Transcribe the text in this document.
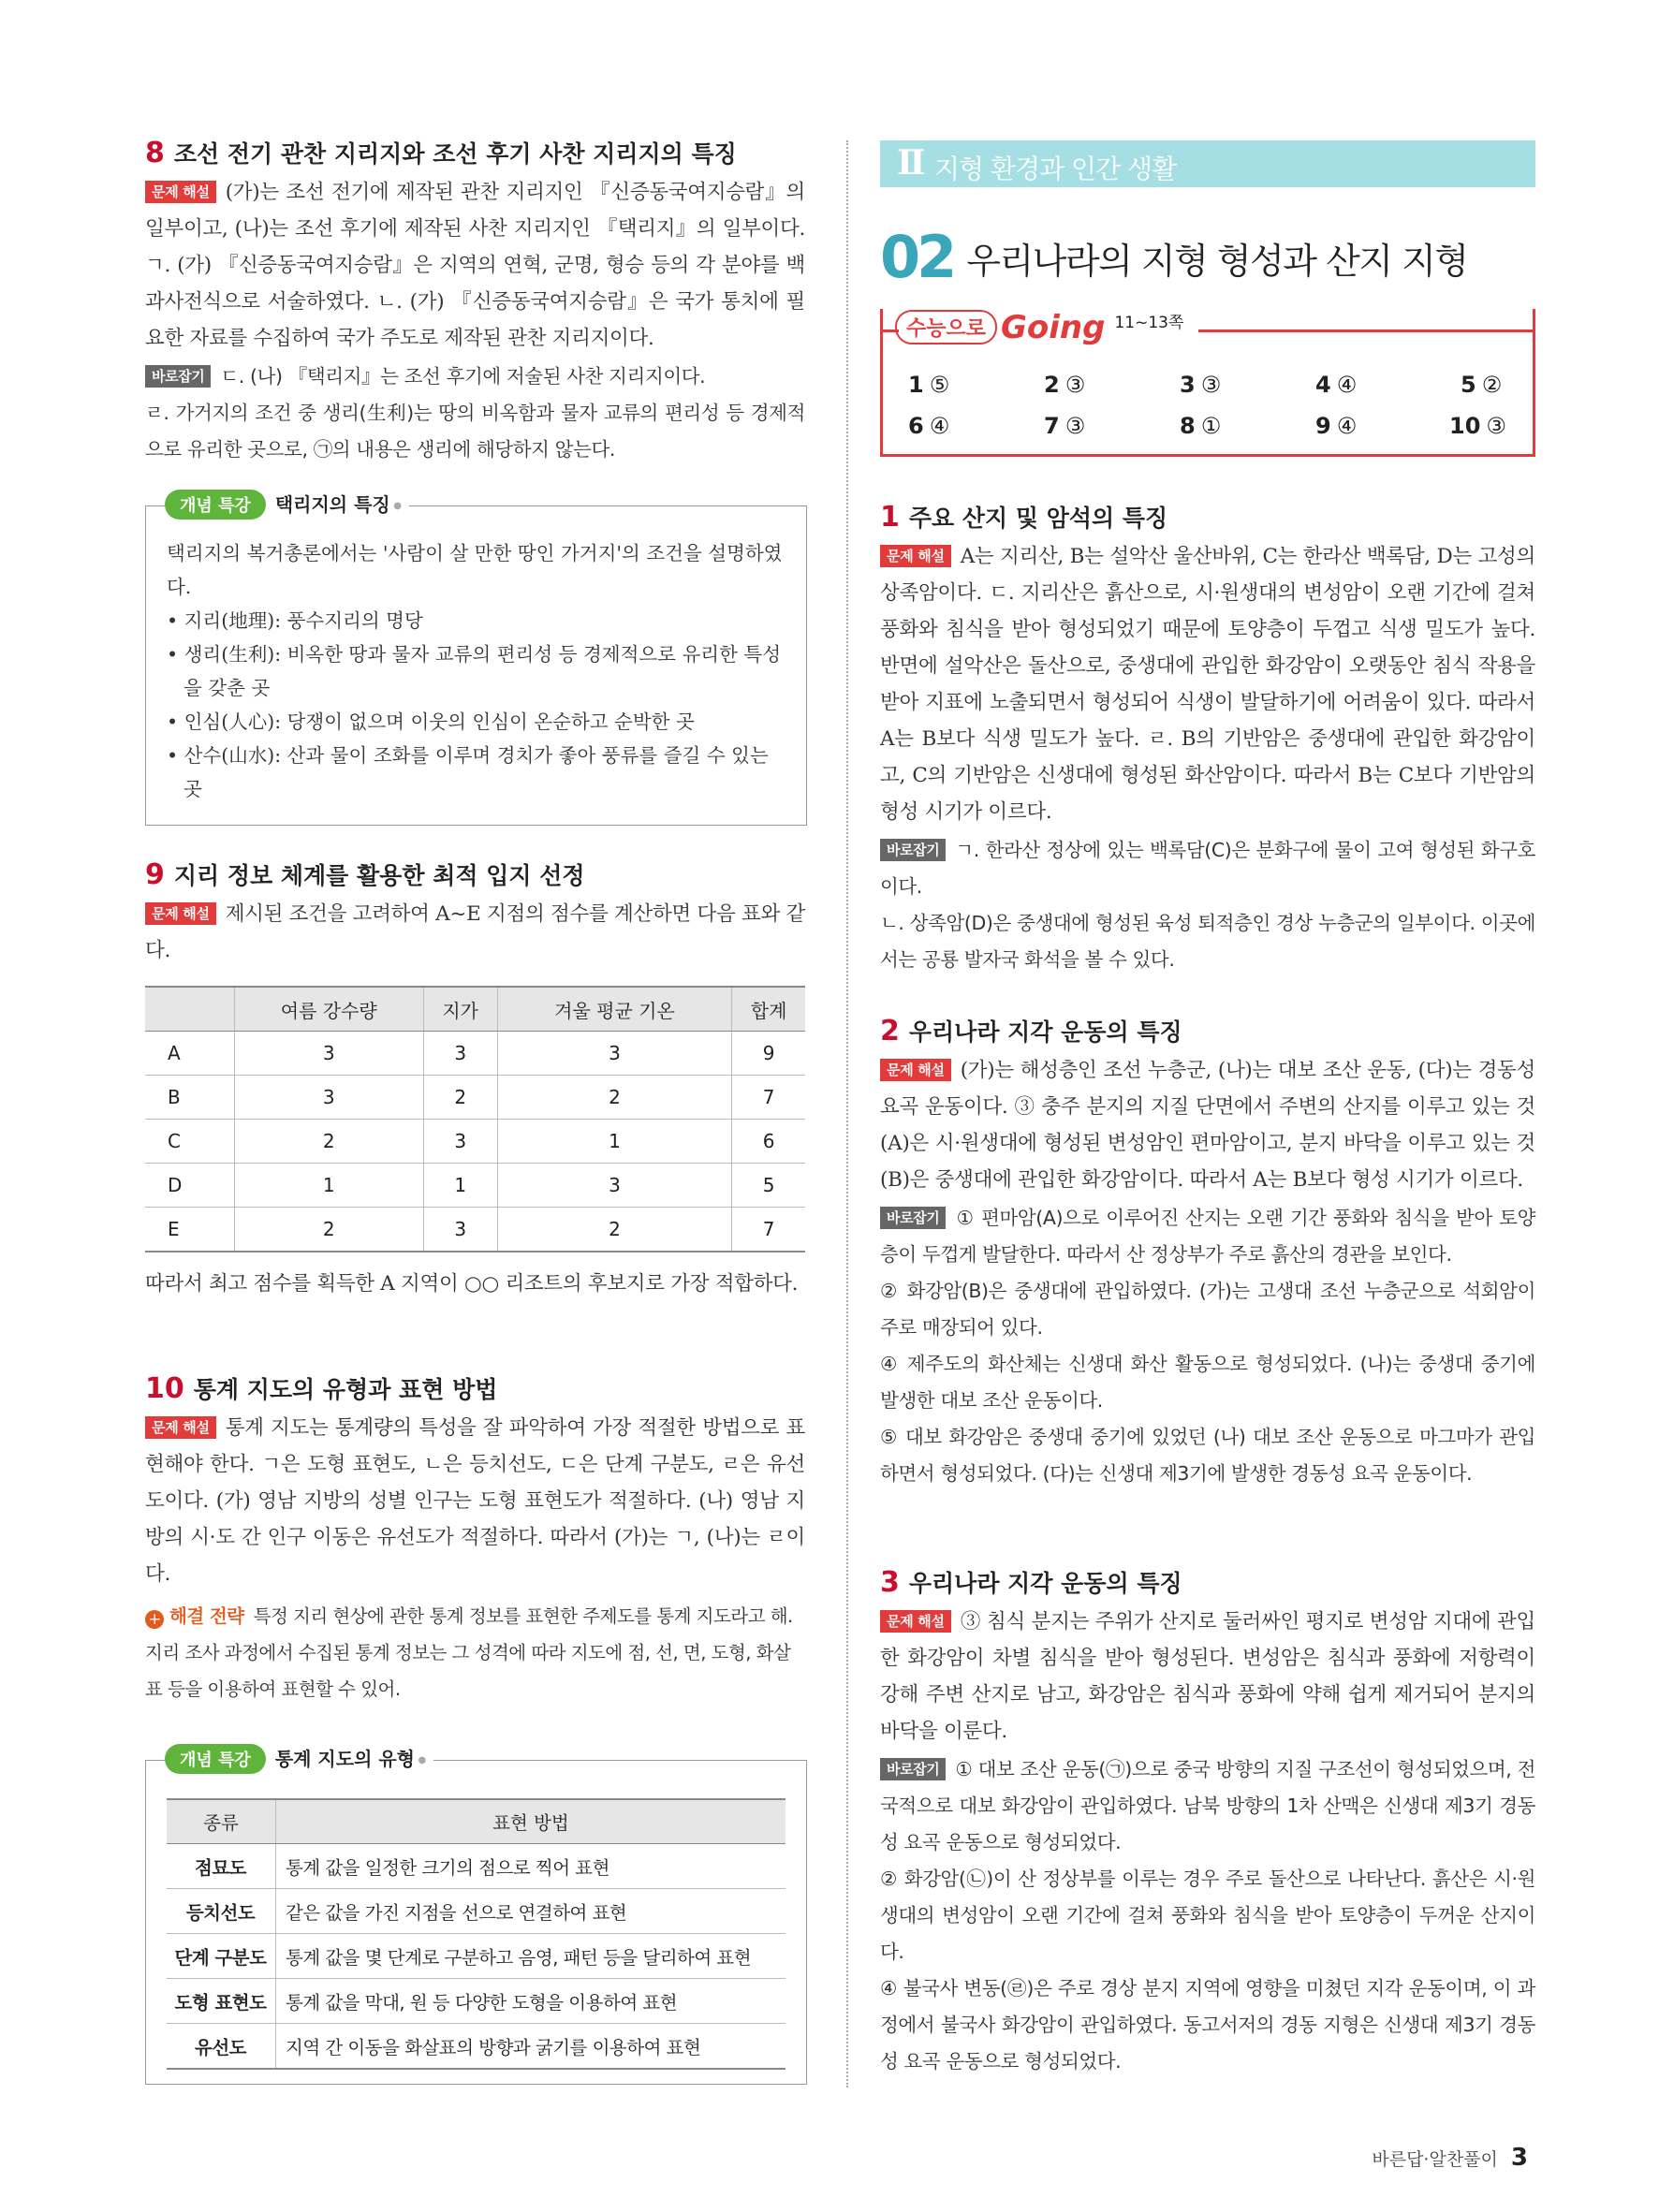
8 조선 전기 관찬 지리지와 조선 후기 사찬 지리지의 특징
문제 해설 (가)는 조선 전기에 제작된 관찬 지리지인 『신증동국여지승람』의 일부이고, (나)는 조선 후기에 제작된 사찬 지리지인 『택리지』의 일부이다. ㄱ. (가) 『신증동국여지승람』은 지역의 연혁, 군명, 형승 등의 각 분야를 백과사전식으로 서술하였다. ㄴ. (가) 『신증동국여지승람』은 국가 통치에 필요한 자료를 수집하여 국가 주도로 제작된 관찬 지리지이다.
바로잡기 ㄷ. (나) 『택리지』는 조선 후기에 저술된 사찬 지리지이다.
ㄹ. 가거지의 조건 중 생리(生利)는 땅의 비옥함과 물자 교류의 편리성 등 경제적으로 유리한 곳으로, ㉠의 내용은 생리에 해당하지 않는다.
개념 특강 택리지의 특징 ●
택리지의 복거총론에서는 '사람이 살 만한 땅인 가거지'의 조건을 설명하였다.
• 지리(地理): 풍수지리의 명당
• 생리(生利): 비옥한 땅과 물자 교류의 편리성 등 경제적으로 유리한 특성을 갖춘 곳
• 인심(人心): 당쟁이 없으며 이웃의 인심이 온순하고 순박한 곳
• 산수(山水): 산과 물이 조화를 이루며 경치가 좋아 풍류를 즐길 수 있는 곳
9 지리 정보 체계를 활용한 최적 입지 선정
문제 해설 제시된 조건을 고려하여 A~E 지점의 점수를 계산하면 다음 표와 같다.
	여름 강수량	지가	겨울 평균 기온	합계
A	3	3	3	9
B	3	2	2	7
C	2	3	1	6
D	1	1	3	5
E	2	3	2	7
따라서 최고 점수를 획득한 A 지역이 ○○ 리조트의 후보지로 가장 적합하다.
10 통계 지도의 유형과 표현 방법
문제 해설 통계 지도는 통계량의 특성을 잘 파악하여 가장 적절한 방법으로 표현해야 한다. ㄱ은 도형 표현도, ㄴ은 등치선도, ㄷ은 단계 구분도, ㄹ은 유선도이다. (가) 영남 지방의 성별 인구는 도형 표현도가 적절하다. (나) 영남 지방의 시·도 간 인구 이동은 유선도가 적절하다. 따라서 (가)는 ㄱ, (나)는 ㄹ이다.
+ 해결 전략 특정 지리 현상에 관한 통계 정보를 표현한 주제도를 통계 지도라고 해. 지리 조사 과정에서 수집된 통계 정보는 그 성격에 따라 지도에 점, 선, 면, 도형, 화살표 등을 이용하여 표현할 수 있어.
개념 특강 통계 지도의 유형 ●
종류	표현 방법
점묘도	통계 값을 일정한 크기의 점으로 찍어 표현
등치선도	같은 값을 가진 지점을 선으로 연결하여 표현
단계 구분도	통계 값을 몇 단계로 구분하고 음영, 패턴 등을 달리하여 표현
도형 표현도	통계 값을 막대, 원 등 다양한 도형을 이용하여 표현
유선도	지역 간 이동을 화살표의 방향과 굵기를 이용하여 표현
Ⅱ 지형 환경과 인간 생활
02 우리나라의 지형 형성과 산지 지형
수능으로 Going 11~13쪽
1 ⑤	2 ③	3 ③	4 ④	5 ②
6 ④	7 ③	8 ①	9 ④	10 ③
1 주요 산지 및 암석의 특징
문제 해설 A는 지리산, B는 설악산 울산바위, C는 한라산 백록담, D는 고성의 상족암이다. ㄷ. 지리산은 흙산으로, 시·원생대의 변성암이 오랜 기간에 걸쳐 풍화와 침식을 받아 형성되었기 때문에 토양층이 두껍고 식생 밀도가 높다. 반면에 설악산은 돌산으로, 중생대에 관입한 화강암이 오랫동안 침식 작용을 받아 지표에 노출되면서 형성되어 식생이 발달하기에 어려움이 있다. 따라서 A는 B보다 식생 밀도가 높다. ㄹ. B의 기반암은 중생대에 관입한 화강암이고, C의 기반암은 신생대에 형성된 화산암이다. 따라서 B는 C보다 기반암의 형성 시기가 이르다.
바로잡기 ㄱ. 한라산 정상에 있는 백록담(C)은 분화구에 물이 고여 형성된 화구호이다.
ㄴ. 상족암(D)은 중생대에 형성된 육성 퇴적층인 경상 누층군의 일부이다. 이곳에서는 공룡 발자국 화석을 볼 수 있다.
2 우리나라 지각 운동의 특징
문제 해설 (가)는 해성층인 조선 누층군, (나)는 대보 조산 운동, (다)는 경동성 요곡 운동이다. ③ 충주 분지의 지질 단면에서 주변의 산지를 이루고 있는 것(A)은 시·원생대에 형성된 변성암인 편마암이고, 분지 바닥을 이루고 있는 것(B)은 중생대에 관입한 화강암이다. 따라서 A는 B보다 형성 시기가 이르다.
바로잡기 ① 편마암(A)으로 이루어진 산지는 오랜 기간 풍화와 침식을 받아 토양층이 두껍게 발달한다. 따라서 산 정상부가 주로 흙산의 경관을 보인다.
② 화강암(B)은 중생대에 관입하였다. (가)는 고생대 조선 누층군으로 석회암이 주로 매장되어 있다.
④ 제주도의 화산체는 신생대 화산 활동으로 형성되었다. (나)는 중생대 중기에 발생한 대보 조산 운동이다.
⑤ 대보 화강암은 중생대 중기에 있었던 (나) 대보 조산 운동으로 마그마가 관입하면서 형성되었다. (다)는 신생대 제3기에 발생한 경동성 요곡 운동이다.
3 우리나라 지각 운동의 특징
문제 해설 ③ 침식 분지는 주위가 산지로 둘러싸인 평지로 변성암 지대에 관입한 화강암이 차별 침식을 받아 형성된다. 변성암은 침식과 풍화에 저항력이 강해 주변 산지로 남고, 화강암은 침식과 풍화에 약해 쉽게 제거되어 분지의 바닥을 이룬다.
바로잡기 ① 대보 조산 운동(㉠)으로 중국 방향의 지질 구조선이 형성되었으며, 전국적으로 대보 화강암이 관입하였다. 남북 방향의 1차 산맥은 신생대 제3기 경동성 요곡 운동으로 형성되었다.
② 화강암(㉡)이 산 정상부를 이루는 경우 주로 돌산으로 나타난다. 흙산은 시·원생대의 변성암이 오랜 기간에 걸쳐 풍화와 침식을 받아 토양층이 두꺼운 산지이다.
④ 불국사 변동(㉣)은 주로 경상 분지 지역에 영향을 미쳤던 지각 운동이며, 이 과정에서 불국사 화강암이 관입하였다. 동고서저의 경동 지형은 신생대 제3기 경동성 요곡 운동으로 형성되었다.
바른답·알찬풀이 3
